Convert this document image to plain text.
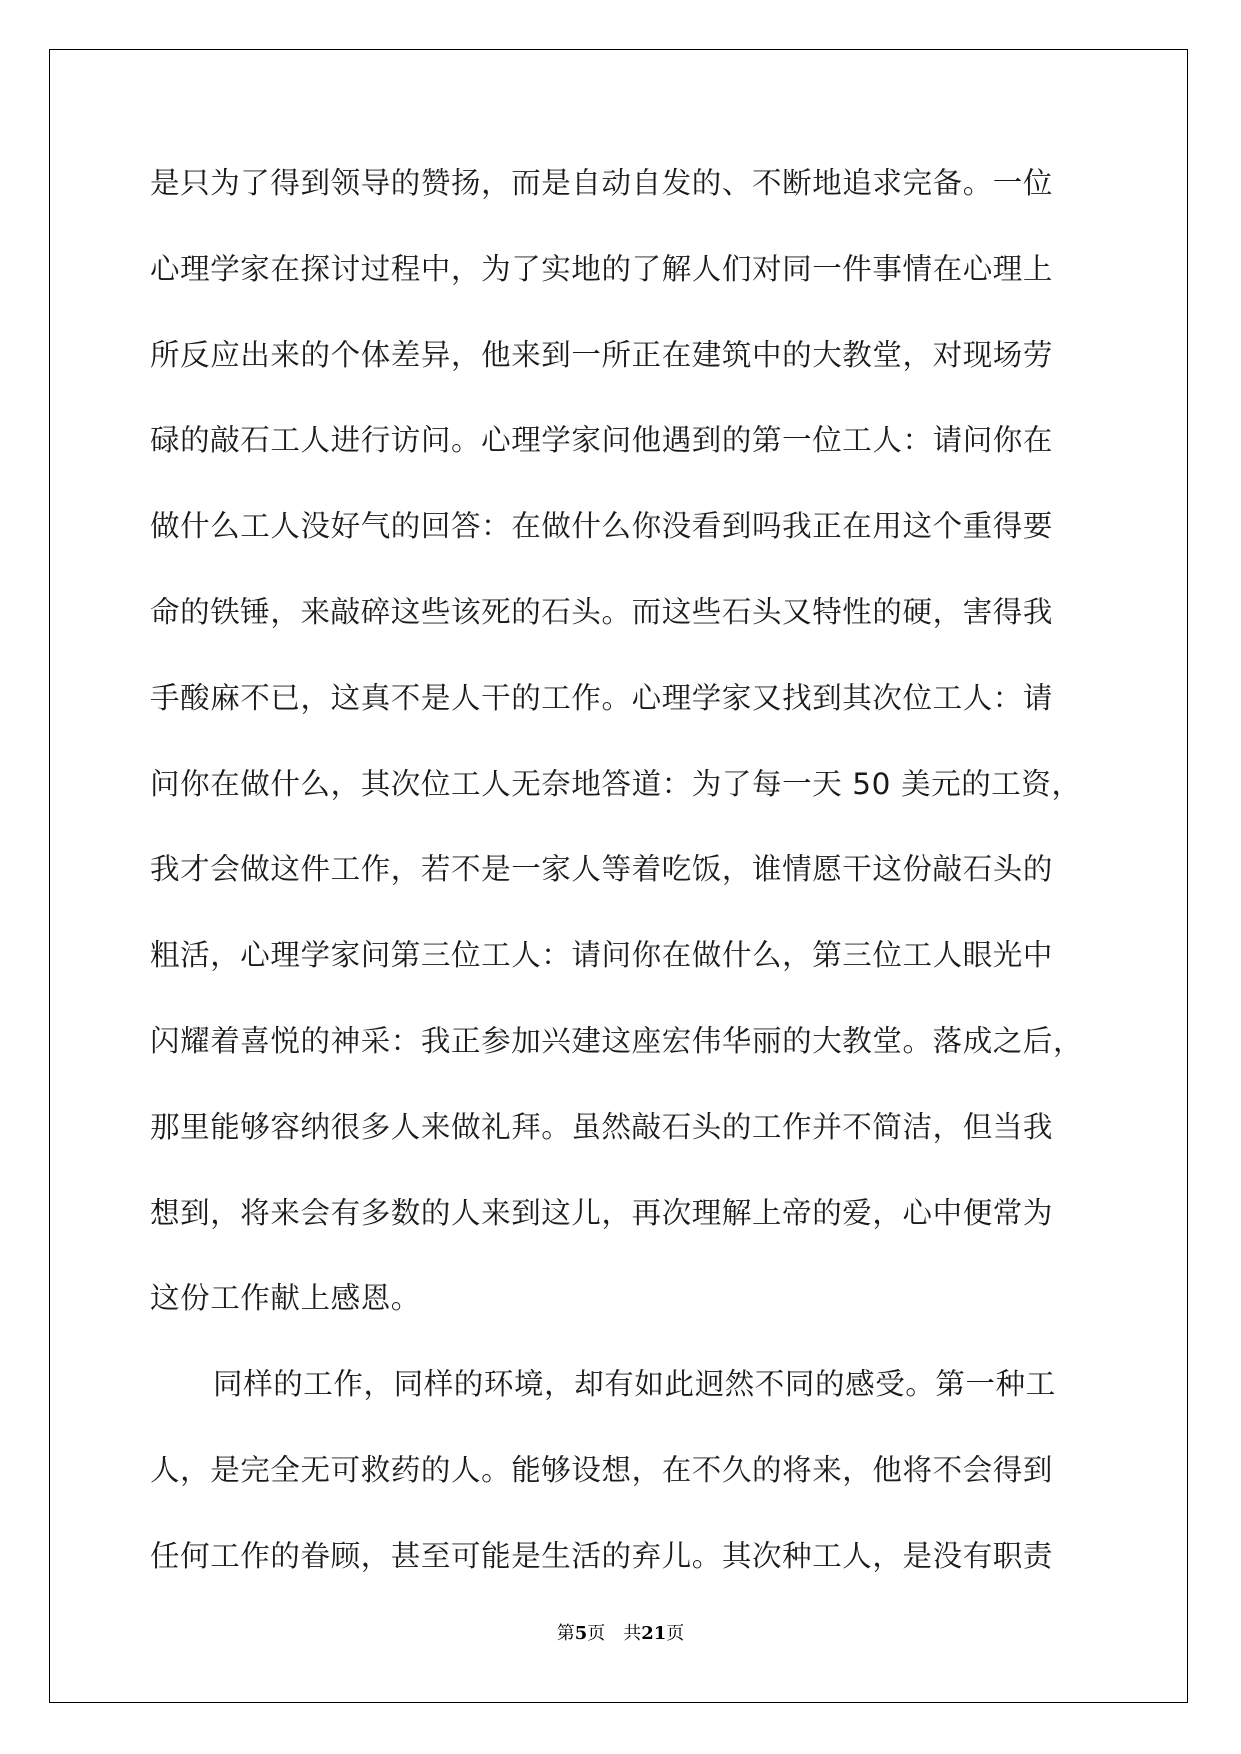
是只为了得到领导的赞扬，而是自动自发的、不断地追求完备。一位
心理学家在探讨过程中，为了实地的了解人们对同一件事情在心理上
所反应出来的个体差异，他来到一所正在建筑中的大教堂，对现场劳
碌的敲石工人进行访问。心理学家问他遇到的第一位工人：请问你在
做什么工人没好气的回答：在做什么你没看到吗我正在用这个重得要
命的铁锤，来敲碎这些该死的石头。而这些石头又特性的硬，害得我
手酸麻不已，这真不是人干的工作。心理学家又找到其次位工人：请
问你在做什么，其次位工人无奈地答道：为了每一天 50 美元的工资，
我才会做这件工作，若不是一家人等着吃饭，谁情愿干这份敲石头的
粗活，心理学家问第三位工人：请问你在做什么，第三位工人眼光中
闪耀着喜悦的神采：我正参加兴建这座宏伟华丽的大教堂。落成之后，
那里能够容纳很多人来做礼拜。虽然敲石头的工作并不简洁，但当我
想到，将来会有多数的人来到这儿，再次理解上帝的爱，心中便常为
这份工作献上感恩。
同样的工作，同样的环境，却有如此迥然不同的感受。第一种工
人，是完全无可救药的人。能够设想，在不久的将来，他将不会得到
任何工作的眷顾，甚至可能是生活的弃儿。其次种工人，是没有职责
第5页 共21页
